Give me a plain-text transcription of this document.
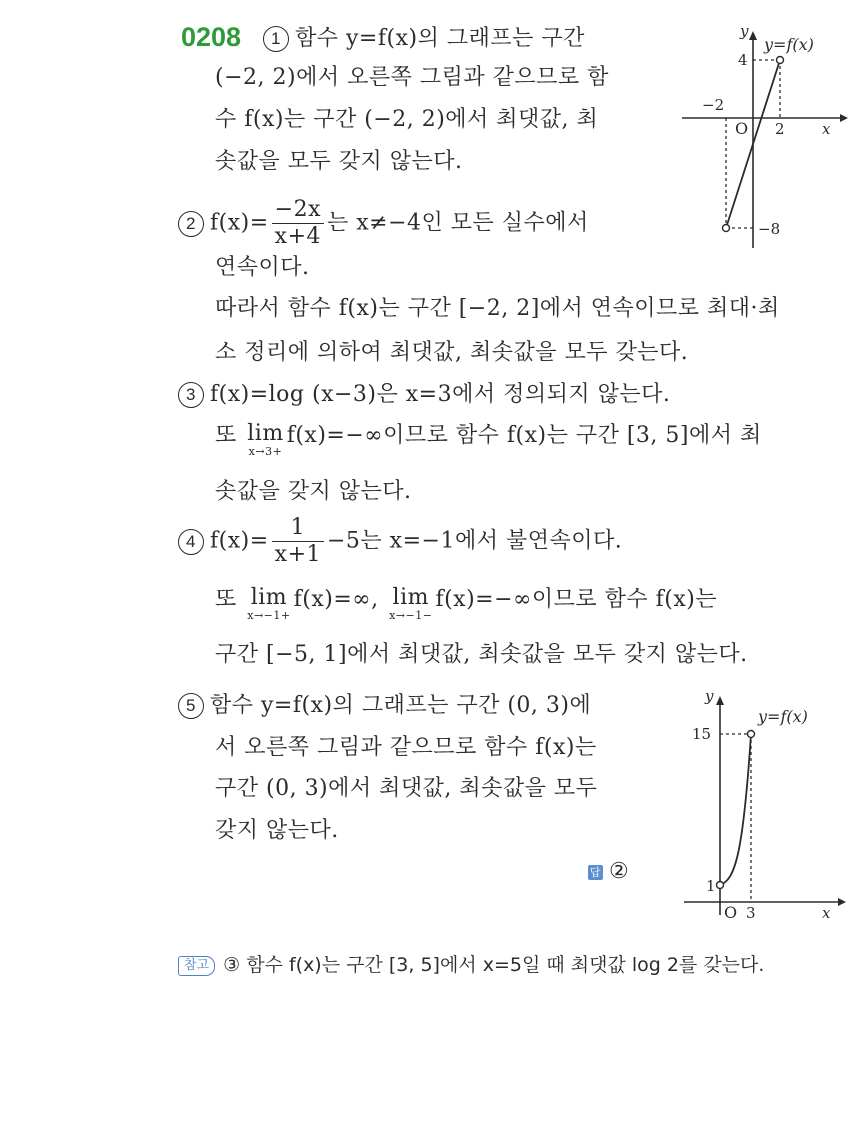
0208	1 함수 y=f(x)의 그래프는 구간
(−2, 2)에서 오른쪽 그림과 같으므로 함
수 f(x)는 구간 (−2, 2)에서 최댓값, 최
솟값을 모두 갖지 않는다.
y
y=f(x)
4
−2
O 2 x
−8
2 $f(x)= \frac{-2x}{x+4}$ 는 x≠−4인 모든 실수에서
연속이다.
따라서 함수 f(x)는 구간 [−2, 2]에서 연속이므로 최대·최
소 정리에 의하여 최댓값, 최솟값을 모두 갖는다.
3 f(x)=log (x−3)은 x=3에서 정의되지 않는다.
또 lim
x→3+
f(x)=−∞이므로 함수 f(x)는 구간 [3, 5]에서 최
솟값을 갖지 않는다.
4 $f(x)= \frac{1}{x+1} -5$는 x=−1에서 불연속이다.
또 lim
x→−1+
f(x)=∞, lim
x→−1−
f(x)=−∞이므로 함수 f(x)는
구간 [−5, 1]에서 최댓값, 최솟값을 모두 갖지 않는다.
5 함수 y=f(x)의 그래프는 구간 (0, 3)에
서 오른쪽 그림과 같으므로 함수 f(x)는
구간 (0, 3)에서 최댓값, 최솟값을 모두
갖지 않는다.
답 ②
y
y=f(x)
15
1
O 3	x
참고 ③ 함수 f(x)는 구간 [3, 5]에서 x=5일 때 최댓값 log 2를 갖는다.
